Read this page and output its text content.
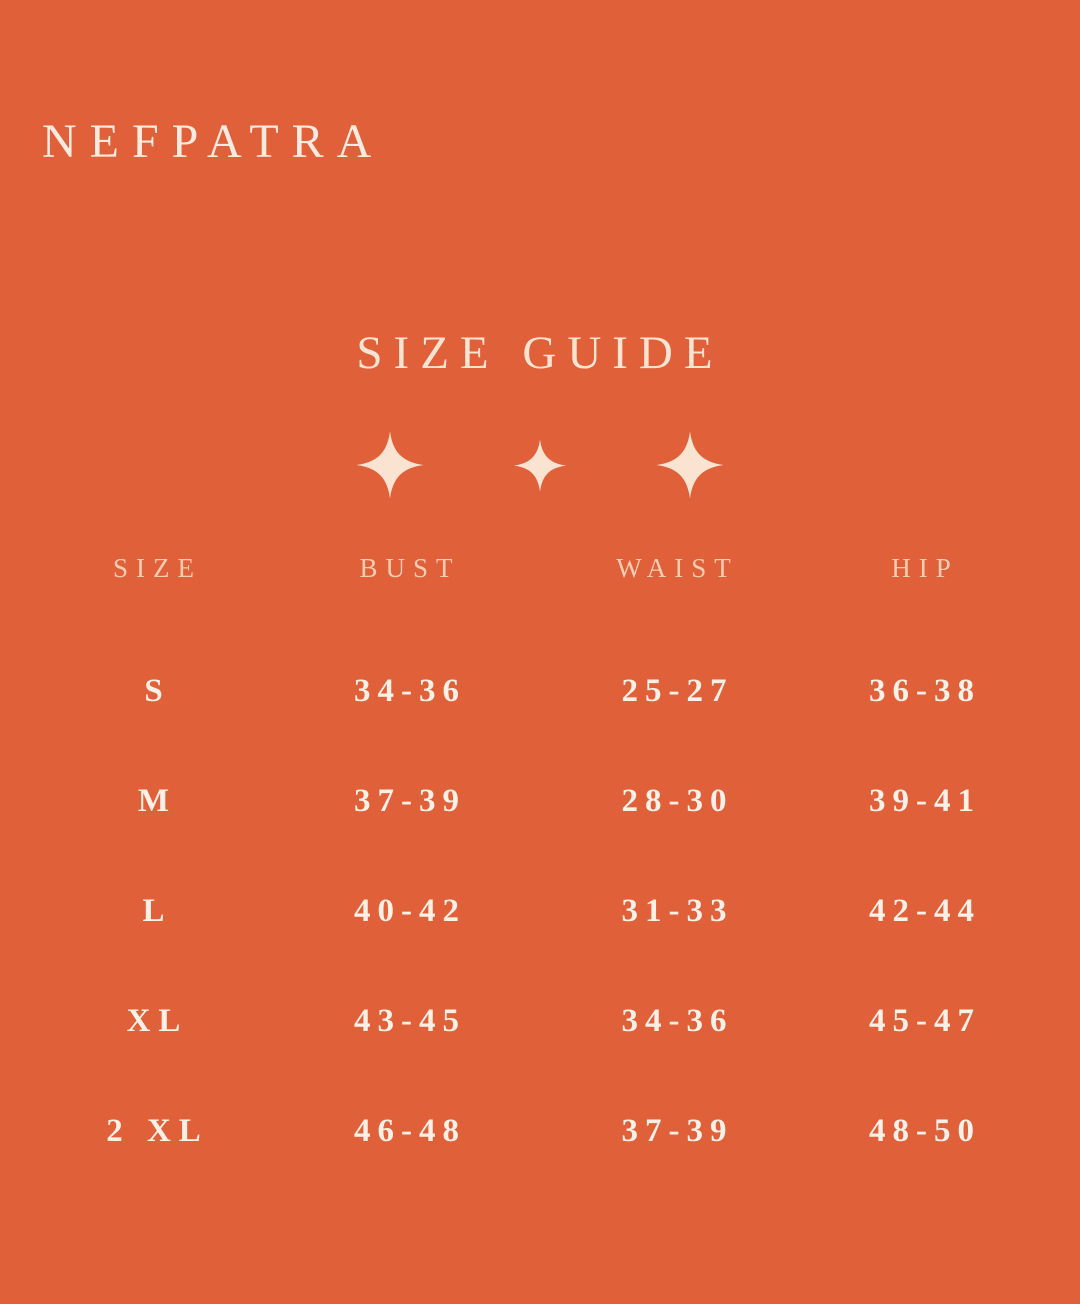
NEFPATRA
SIZE GUIDE
SIZE	BUST	WAIST	HIP
S	34-36	25-27	36-38
M	37-39	28-30	39-41
L	40-42	31-33	42-44
XL	43-45	34-36	45-47
2 XL	46-48	37-39	48-50
